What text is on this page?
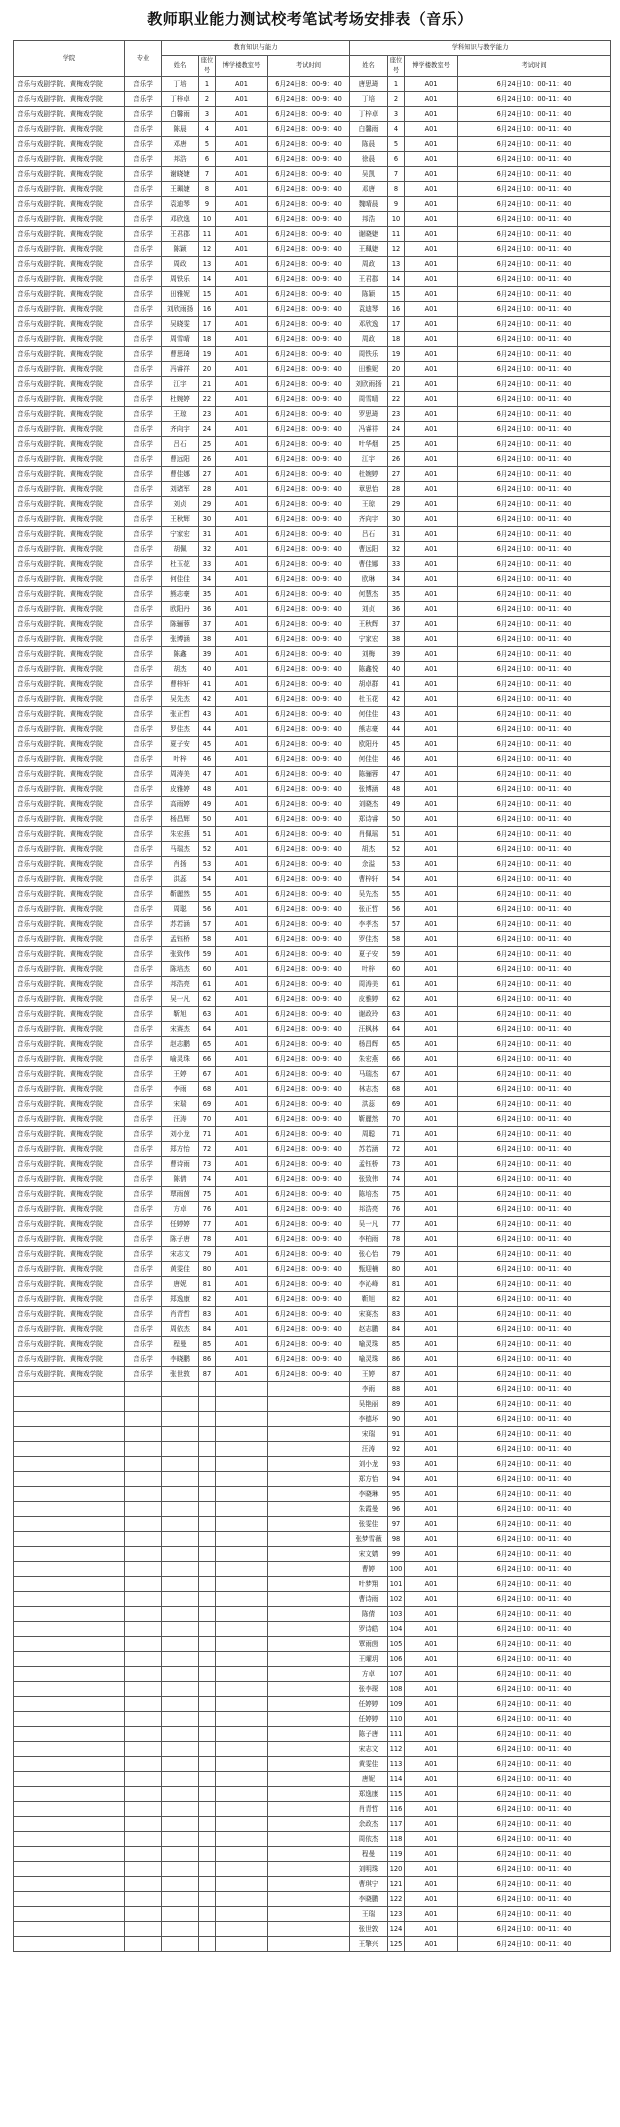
教师职业能力测试校考笔试考场安排表（音乐）
学院	专业	教育知识与能力				学科知识与教学能力			
		姓名	座位号	博学楼教室号	考试时间	姓名	座位号	博学楼教室号	考试时间
音乐与戏剧学院、黄梅戏学院	音乐学	丁培	1	A01	6月24日8：00-9：40	唐思琦	1	A01	6月24日10：00-11：40
音乐与戏剧学院、黄梅戏学院	音乐学	丁梓卓	2	A01	6月24日8：00-9：40	丁培	2	A01	6月24日10：00-11：40
音乐与戏剧学院、黄梅戏学院	音乐学	白馨雨	3	A01	6月24日8：00-9：40	丁梓卓	3	A01	6月24日10：00-11：40
音乐与戏剧学院、黄梅戏学院	音乐学	陈晨	4	A01	6月24日8：00-9：40	白馨雨	4	A01	6月24日10：00-11：40
音乐与戏剧学院、黄梅戏学院	音乐学	邓唐	5	A01	6月24日8：00-9：40	陈晨	5	A01	6月24日10：00-11：40
音乐与戏剧学院、黄梅戏学院	音乐学	邦浩	6	A01	6月24日8：00-9：40	徐晨	6	A01	6月24日10：00-11：40
音乐与戏剧学院、黄梅戏学院	音乐学	谢晓婕	7	A01	6月24日8：00-9：40	吴凯	7	A01	6月24日10：00-11：40
音乐与戏剧学院、黄梅戏学院	音乐学	王珮婕	8	A01	6月24日8：00-9：40	邓唐	8	A01	6月24日10：00-11：40
音乐与戏剧学院、黄梅戏学院	音乐学	袁迪琴	9	A01	6月24日8：00-9：40	魏晴晨	9	A01	6月24日10：00-11：40
音乐与戏剧学院、黄梅戏学院	音乐学	邓欣逸	10	A01	6月24日8：00-9：40	邦浩	10	A01	6月24日10：00-11：40
音乐与戏剧学院、黄梅戏学院	音乐学	王君郡	11	A01	6月24日8：00-9：40	谢晓婕	11	A01	6月24日10：00-11：40
音乐与戏剧学院、黄梅戏学院	音乐学	陈颖	12	A01	6月24日8：00-9：40	王珮婕	12	A01	6月24日10：00-11：40
音乐与戏剧学院、黄梅戏学院	音乐学	周政	13	A01	6月24日8：00-9：40	周政	13	A01	6月24日10：00-11：40
音乐与戏剧学院、黄梅戏学院	音乐学	周铁乐	14	A01	6月24日8：00-9：40	王君郡	14	A01	6月24日10：00-11：40
音乐与戏剧学院、黄梅戏学院	音乐学	田雅妮	15	A01	6月24日8：00-9：40	陈颖	15	A01	6月24日10：00-11：40
音乐与戏剧学院、黄梅戏学院	音乐学	刘欣雨扬	16	A01	6月24日8：00-9：40	袁迪琴	16	A01	6月24日10：00-11：40
音乐与戏剧学院、黄梅戏学院	音乐学	吴晓雯	17	A01	6月24日8：00-9：40	邓欣逸	17	A01	6月24日10：00-11：40
音乐与戏剧学院、黄梅戏学院	音乐学	周雪晴	18	A01	6月24日8：00-9：40	周政	18	A01	6月24日10：00-11：40
音乐与戏剧学院、黄梅戏学院	音乐学	曹思琦	19	A01	6月24日8：00-9：40	周铁乐	19	A01	6月24日10：00-11：40
音乐与戏剧学院、黄梅戏学院	音乐学	冯睿祥	20	A01	6月24日8：00-9：40	田雅妮	20	A01	6月24日10：00-11：40
音乐与戏剧学院、黄梅戏学院	音乐学	江宇	21	A01	6月24日8：00-9：40	刘欣雨扬	21	A01	6月24日10：00-11：40
音乐与戏剧学院、黄梅戏学院	音乐学	杜婉婷	22	A01	6月24日8：00-9：40	周雪晴	22	A01	6月24日10：00-11：40
音乐与戏剧学院、黄梅戏学院	音乐学	王琼	23	A01	6月24日8：00-9：40	罗思琦	23	A01	6月24日10：00-11：40
音乐与戏剧学院、黄梅戏学院	音乐学	齐向宇	24	A01	6月24日8：00-9：40	冯睿祥	24	A01	6月24日10：00-11：40
音乐与戏剧学院、黄梅戏学院	音乐学	吕石	25	A01	6月24日8：00-9：40	叶华烟	25	A01	6月24日10：00-11：40
音乐与戏剧学院、黄梅戏学院	音乐学	曹远阳	26	A01	6月24日8：00-9：40	江宇	26	A01	6月24日10：00-11：40
音乐与戏剧学院、黄梅戏学院	音乐学	曹佳娜	27	A01	6月24日8：00-9：40	杜婉婷	27	A01	6月24日10：00-11：40
音乐与戏剧学院、黄梅戏学院	音乐学	刘诸军	28	A01	6月24日8：00-9：40	章思怡	28	A01	6月24日10：00-11：40
音乐与戏剧学院、黄梅戏学院	音乐学	刘贞	29	A01	6月24日8：00-9：40	王琼	29	A01	6月24日10：00-11：40
音乐与戏剧学院、黄梅戏学院	音乐学	王秋辉	30	A01	6月24日8：00-9：40	齐向宇	30	A01	6月24日10：00-11：40
音乐与戏剧学院、黄梅戏学院	音乐学	宁家宏	31	A01	6月24日8：00-9：40	吕石	31	A01	6月24日10：00-11：40
音乐与戏剧学院、黄梅戏学院	音乐学	胡佩	32	A01	6月24日8：00-9：40	曹远阳	32	A01	6月24日10：00-11：40
音乐与戏剧学院、黄梅戏学院	音乐学	杜玉花	33	A01	6月24日8：00-9：40	曹佳娜	33	A01	6月24日10：00-11：40
音乐与戏剧学院、黄梅戏学院	音乐学	何佳佳	34	A01	6月24日8：00-9：40	欧琳	34	A01	6月24日10：00-11：40
音乐与戏剧学院、黄梅戏学院	音乐学	熊志豪	35	A01	6月24日8：00-9：40	何慧杰	35	A01	6月24日10：00-11：40
音乐与戏剧学院、黄梅戏学院	音乐学	欧阳丹	36	A01	6月24日8：00-9：40	刘贞	36	A01	6月24日10：00-11：40
音乐与戏剧学院、黄梅戏学院	音乐学	陈骊蓉	37	A01	6月24日8：00-9：40	王秋辉	37	A01	6月24日10：00-11：40
音乐与戏剧学院、黄梅戏学院	音乐学	张博涵	38	A01	6月24日8：00-9：40	宁家宏	38	A01	6月24日10：00-11：40
音乐与戏剧学院、黄梅戏学院	音乐学	陈鑫	39	A01	6月24日8：00-9：40	刘梅	39	A01	6月24日10：00-11：40
音乐与戏剧学院、黄梅戏学院	音乐学	胡杰	40	A01	6月24日8：00-9：40	陈鑫悦	40	A01	6月24日10：00-11：40
音乐与戏剧学院、黄梅戏学院	音乐学	曹梓轩	41	A01	6月24日8：00-9：40	胡卓群	41	A01	6月24日10：00-11：40
音乐与戏剧学院、黄梅戏学院	音乐学	吴先杰	42	A01	6月24日8：00-9：40	杜玉花	42	A01	6月24日10：00-11：40
音乐与戏剧学院、黄梅戏学院	音乐学	张正哲	43	A01	6月24日8：00-9：40	何佳佳	43	A01	6月24日10：00-11：40
音乐与戏剧学院、黄梅戏学院	音乐学	罗佳杰	44	A01	6月24日8：00-9：40	熊志豪	44	A01	6月24日10：00-11：40
音乐与戏剧学院、黄梅戏学院	音乐学	夏子安	45	A01	6月24日8：00-9：40	欧阳丹	45	A01	6月24日10：00-11：40
音乐与戏剧学院、黄梅戏学院	音乐学	叶梓	46	A01	6月24日8：00-9：40	何佳佳	46	A01	6月24日10：00-11：40
音乐与戏剧学院、黄梅戏学院	音乐学	周涛美	47	A01	6月24日8：00-9：40	陈骊蓉	47	A01	6月24日10：00-11：40
音乐与戏剧学院、黄梅戏学院	音乐学	皮雅婷	48	A01	6月24日8：00-9：40	张博涵	48	A01	6月24日10：00-11：40
音乐与戏剧学院、黄梅戏学院	音乐学	高雨婷	49	A01	6月24日8：00-9：40	刘晓杰	49	A01	6月24日10：00-11：40
音乐与戏剧学院、黄梅戏学院	音乐学	杨昌辉	50	A01	6月24日8：00-9：40	郑诗睿	50	A01	6月24日10：00-11：40
音乐与戏剧学院、黄梅戏学院	音乐学	朱宏燕	51	A01	6月24日8：00-9：40	肖佩瑶	51	A01	6月24日10：00-11：40
音乐与戏剧学院、黄梅戏学院	音乐学	马瑞杰	52	A01	6月24日8：00-9：40	胡杰	52	A01	6月24日10：00-11：40
音乐与戏剧学院、黄梅戏学院	音乐学	肖扬	53	A01	6月24日8：00-9：40	余溢	53	A01	6月24日10：00-11：40
音乐与戏剧学院、黄梅戏学院	音乐学	洪蕊	54	A01	6月24日8：00-9：40	曹梓轩	54	A01	6月24日10：00-11：40
音乐与戏剧学院、黄梅戏学院	音乐学	靳麗然	55	A01	6月24日8：00-9：40	吴先杰	55	A01	6月24日10：00-11：40
音乐与戏剧学院、黄梅戏学院	音乐学	周聪	56	A01	6月24日8：00-9：40	张正哲	56	A01	6月24日10：00-11：40
音乐与戏剧学院、黄梅戏学院	音乐学	苏若涵	57	A01	6月24日8：00-9：40	李孝杰	57	A01	6月24日10：00-11：40
音乐与戏剧学院、黄梅戏学院	音乐学	孟钰桥	58	A01	6月24日8：00-9：40	罗佳杰	58	A01	6月24日10：00-11：40
音乐与戏剧学院、黄梅戏学院	音乐学	张致伟	59	A01	6月24日8：00-9：40	夏子安	59	A01	6月24日10：00-11：40
音乐与戏剧学院、黄梅戏学院	音乐学	陈培杰	60	A01	6月24日8：00-9：40	叶梓	60	A01	6月24日10：00-11：40
音乐与戏剧学院、黄梅戏学院	音乐学	邦浩亮	61	A01	6月24日8：00-9：40	周涛美	61	A01	6月24日10：00-11：40
音乐与戏剧学院、黄梅戏学院	音乐学	吴一凡	62	A01	6月24日8：00-9：40	皮雅婷	62	A01	6月24日10：00-11：40
音乐与戏剧学院、黄梅戏学院	音乐学	靳旭	63	A01	6月24日8：00-9：40	谢政玲	63	A01	6月24日10：00-11：40
音乐与戏剧学院、黄梅戏学院	音乐学	宋赛杰	64	A01	6月24日8：00-9：40	汪枫林	64	A01	6月24日10：00-11：40
音乐与戏剧学院、黄梅戏学院	音乐学	赵志鹏	65	A01	6月24日8：00-9：40	杨昌辉	65	A01	6月24日10：00-11：40
音乐与戏剧学院、黄梅戏学院	音乐学	喻灵珠	66	A01	6月24日8：00-9：40	朱宏燕	66	A01	6月24日10：00-11：40
音乐与戏剧学院、黄梅戏学院	音乐学	王婷	67	A01	6月24日8：00-9：40	马瑞杰	67	A01	6月24日10：00-11：40
音乐与戏剧学院、黄梅戏学院	音乐学	李雨	68	A01	6月24日8：00-9：40	林志杰	68	A01	6月24日10：00-11：40
音乐与戏剧学院、黄梅戏学院	音乐学	宋瑞	69	A01	6月24日8：00-9：40	洪蕊	69	A01	6月24日10：00-11：40
音乐与戏剧学院、黄梅戏学院	音乐学	汪涛	70	A01	6月24日8：00-9：40	靳麗然	70	A01	6月24日10：00-11：40
音乐与戏剧学院、黄梅戏学院	音乐学	刘小龙	71	A01	6月24日8：00-9：40	周聪	71	A01	6月24日10：00-11：40
音乐与戏剧学院、黄梅戏学院	音乐学	郑方怡	72	A01	6月24日8：00-9：40	苏若涵	72	A01	6月24日10：00-11：40
音乐与戏剧学院、黄梅戏学院	音乐学	曹诗雨	73	A01	6月24日8：00-9：40	孟钰桥	73	A01	6月24日10：00-11：40
音乐与戏剧学院、黄梅戏学院	音乐学	陈倩	74	A01	6月24日8：00-9：40	张致伟	74	A01	6月24日10：00-11：40
音乐与戏剧学院、黄梅戏学院	音乐学	覃雨茵	75	A01	6月24日8：00-9：40	陈培杰	75	A01	6月24日10：00-11：40
音乐与戏剧学院、黄梅戏学院	音乐学	方卓	76	A01	6月24日8：00-9：40	邦浩亮	76	A01	6月24日10：00-11：40
音乐与戏剧学院、黄梅戏学院	音乐学	任婷婷	77	A01	6月24日8：00-9：40	吴一凡	77	A01	6月24日10：00-11：40
音乐与戏剧学院、黄梅戏学院	音乐学	陈子唐	78	A01	6月24日8：00-9：40	李柏雨	78	A01	6月24日10：00-11：40
音乐与戏剧学院、黄梅戏学院	音乐学	宋志文	79	A01	6月24日8：00-9：40	张心怡	79	A01	6月24日10：00-11：40
音乐与戏剧学院、黄梅戏学院	音乐学	黄雯佳	80	A01	6月24日8：00-9：40	甄迎楠	80	A01	6月24日10：00-11：40
音乐与戏剧学院、黄梅戏学院	音乐学	唐妮	81	A01	6月24日8：00-9：40	李沁峰	81	A01	6月24日10：00-11：40
音乐与戏剧学院、黄梅戏学院	音乐学	郑逸康	82	A01	6月24日8：00-9：40	靳旭	82	A01	6月24日10：00-11：40
音乐与戏剧学院、黄梅戏学院	音乐学	肖青哲	83	A01	6月24日8：00-9：40	宋赛杰	83	A01	6月24日10：00-11：40
音乐与戏剧学院、黄梅戏学院	音乐学	周依杰	84	A01	6月24日8：00-9：40	赵志鹏	84	A01	6月24日10：00-11：40
音乐与戏剧学院、黄梅戏学院	音乐学	程曼	85	A01	6月24日8：00-9：40	喻灵珠	85	A01	6月24日10：00-11：40
音乐与戏剧学院、黄梅戏学院	音乐学	李晓鹏	86	A01	6月24日8：00-9：40	喻灵珠	86	A01	6月24日10：00-11：40
音乐与戏剧学院、黄梅戏学院	音乐学	张世敦	87	A01	6月24日8：00-9：40	王婷	87	A01	6月24日10：00-11：40
						李雨	88	A01	6月24日10：00-11：40
						吴艳丽	89	A01	6月24日10：00-11：40
						李德坏	90	A01	6月24日10：00-11：40
						宋瑞	91	A01	6月24日10：00-11：40
						汪涛	92	A01	6月24日10：00-11：40
						刘小龙	93	A01	6月24日10：00-11：40
						郑方怡	94	A01	6月24日10：00-11：40
						李晓琳	95	A01	6月24日10：00-11：40
						朱霞曼	96	A01	6月24日10：00-11：40
						张雯佳	97	A01	6月24日10：00-11：40
						张梦雪薇	98	A01	6月24日10：00-11：40
						宋文婧	99	A01	6月24日10：00-11：40
						曹婷	100	A01	6月24日10：00-11：40
						叶梦翔	101	A01	6月24日10：00-11：40
						曹诗雨	102	A01	6月24日10：00-11：40
						陈倩	103	A01	6月24日10：00-11：40
						罗诗皓	104	A01	6月24日10：00-11：40
						覃雨茵	105	A01	6月24日10：00-11：40
						王曜玥	106	A01	6月24日10：00-11：40
						方卓	107	A01	6月24日10：00-11：40
						张李琛	108	A01	6月24日10：00-11：40
						任婷婷	109	A01	6月24日10：00-11：40
						任婷婷	110	A01	6月24日10：00-11：40
						陈子唐	111	A01	6月24日10：00-11：40
						宋志文	112	A01	6月24日10：00-11：40
						黄雯佳	113	A01	6月24日10：00-11：40
						唐妮	114	A01	6月24日10：00-11：40
						郑逸康	115	A01	6月24日10：00-11：40
						肖青哲	116	A01	6月24日10：00-11：40
						余政杰	117	A01	6月24日10：00-11：40
						周依杰	118	A01	6月24日10：00-11：40
						程曼	119	A01	6月24日10：00-11：40
						刘明珠	120	A01	6月24日10：00-11：40
						曹琪宁	121	A01	6月24日10：00-11：40
						李晓鹏	122	A01	6月24日10：00-11：40
						王瑞	123	A01	6月24日10：00-11：40
						张世敦	124	A01	6月24日10：00-11：40
						王擎兴	125	A01	6月24日10：00-11：40
